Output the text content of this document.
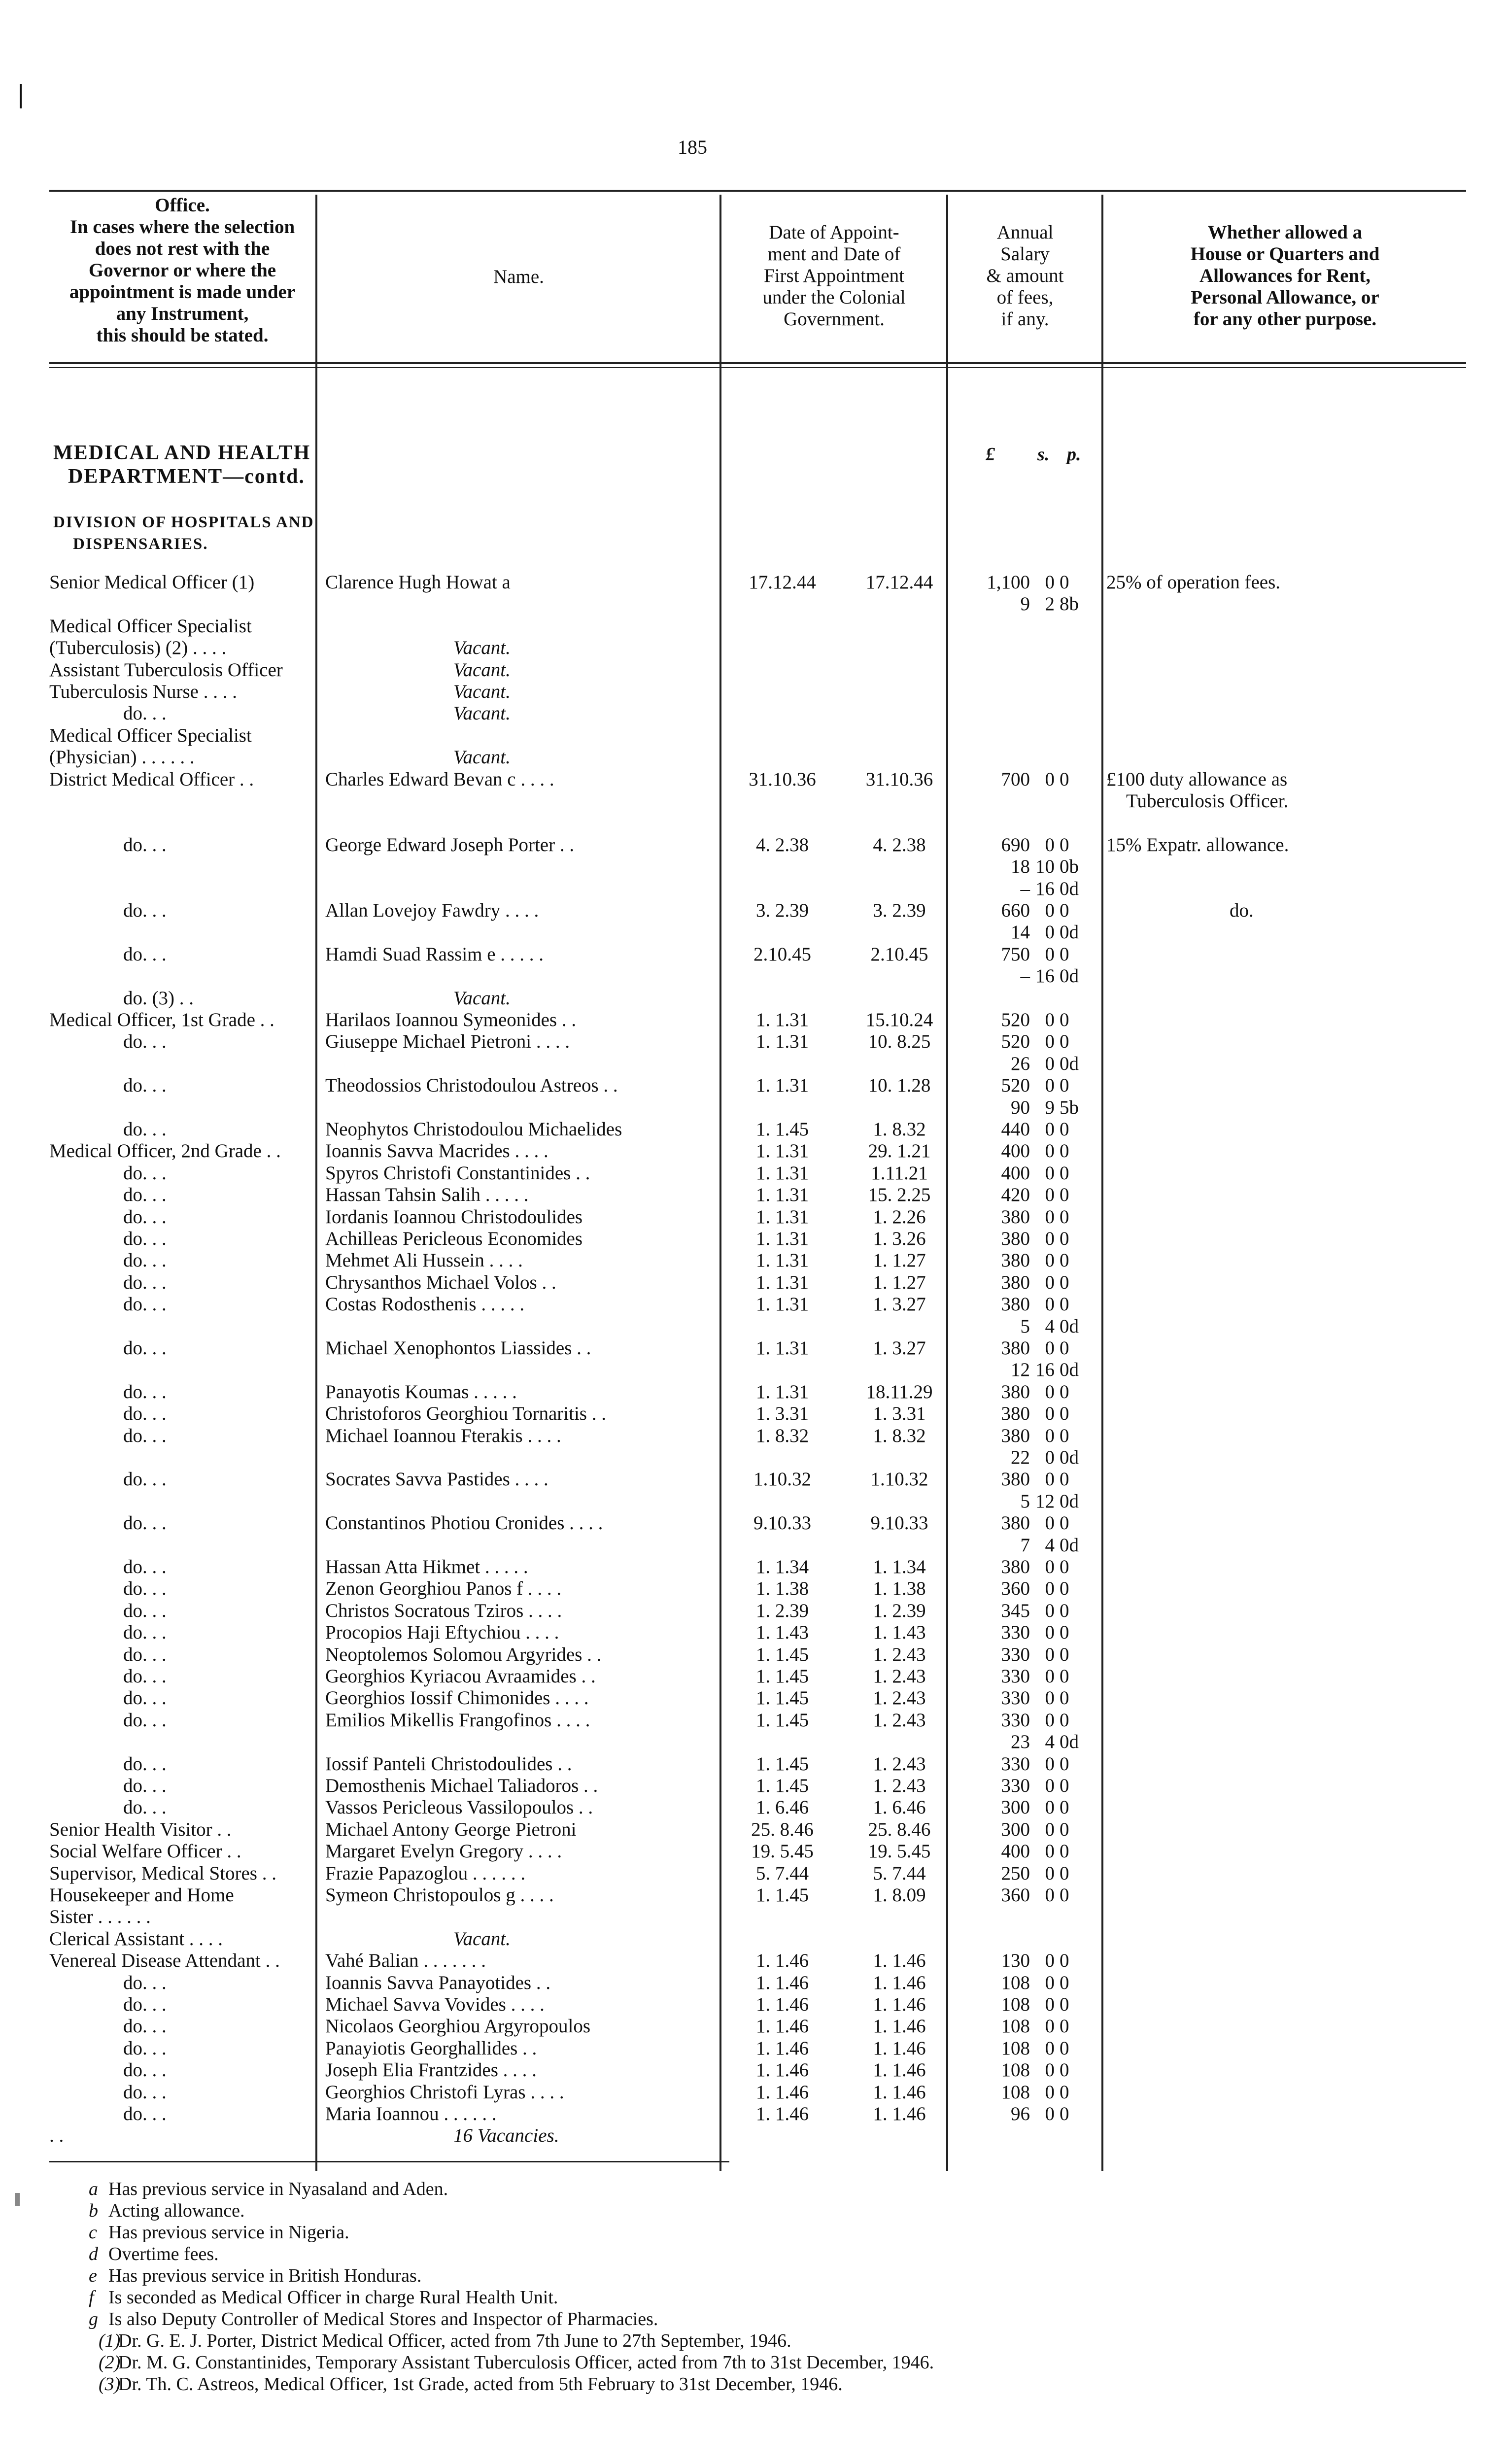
185
Office.
In cases where the selection
does not rest with the
Governor or where the
appointment is made under
any Instrument,
this should be stated.
Name.
Date of Appoint-
ment and Date of
First Appointment
under the Colonial
Government.
Annual
Salary
& amount
of fees,
if any.
Whether allowed a
House or Quarters and
Allowances for Rent,
Personal Allowance, or
for any other purpose.
£ s. p.
MEDICAL AND HEALTH
DEPARTMENT—contd.
DIVISION OF HOSPITALS AND
DISPENSARIES.
Senior Medical Officer (1)	Clarence Hugh Howat a	17.12.44	17.12.44	1,100 0 0	25% of operation fees.
9 2 8b
Medical Officer Specialist
(Tuberculosis) (2) . . . .	Vacant.
Assistant Tuberculosis Officer	Vacant.
Tuberculosis Nurse . . . .	Vacant.
do. . .	Vacant.
Medical Officer Specialist
(Physician) . . . . . .	Vacant.
District Medical Officer . .	Charles Edward Bevan c . . . .	31.10.36	31.10.36	700 0 0	£100 duty allowance as
Tuberculosis Officer.
do. . .	George Edward Joseph Porter . .	4. 2.38	4. 2.38	690 0 0	15% Expatr. allowance.
18 10 0b
– 16 0d
do. . .	Allan Lovejoy Fawdry . . . .	3. 2.39	3. 2.39	660 0 0	do.
14 0 0d
do. . .	Hamdi Suad Rassim e . . . . .	2.10.45	2.10.45	750 0 0
– 16 0d
do. (3) . .	Vacant.
Medical Officer, 1st Grade . .	Harilaos Ioannou Symeonides . .	1. 1.31	15.10.24	520 0 0
do. . .	Giuseppe Michael Pietroni . . . .	1. 1.31	10. 8.25	520 0 0
26 0 0d
do. . .	Theodossios Christodoulou Astreos . .	1. 1.31	10. 1.28	520 0 0
90 9 5b
do. . .	Neophytos Christodoulou Michaelides	1. 1.45	1. 8.32	440 0 0
Medical Officer, 2nd Grade . .	Ioannis Savva Macrides . . . .	1. 1.31	29. 1.21	400 0 0
do. . .	Spyros Christofi Constantinides . .	1. 1.31	1.11.21	400 0 0
do. . .	Hassan Tahsin Salih . . . . .	1. 1.31	15. 2.25	420 0 0
do. . .	Iordanis Ioannou Christodoulides	1. 1.31	1. 2.26	380 0 0
do. . .	Achilleas Pericleous Economides	1. 1.31	1. 3.26	380 0 0
do. . .	Mehmet Ali Hussein . . . .	1. 1.31	1. 1.27	380 0 0
do. . .	Chrysanthos Michael Volos . .	1. 1.31	1. 1.27	380 0 0
do. . .	Costas Rodosthenis . . . . .	1. 1.31	1. 3.27	380 0 0
5 4 0d
do. . .	Michael Xenophontos Liassides . .	1. 1.31	1. 3.27	380 0 0
12 16 0d
do. . .	Panayotis Koumas . . . . .	1. 1.31	18.11.29	380 0 0
do. . .	Christoforos Georghiou Tornaritis . .	1. 3.31	1. 3.31	380 0 0
do. . .	Michael Ioannou Fterakis . . . .	1. 8.32	1. 8.32	380 0 0
22 0 0d
do. . .	Socrates Savva Pastides . . . .	1.10.32	1.10.32	380 0 0
5 12 0d
do. . .	Constantinos Photiou Cronides . . . .	9.10.33	9.10.33	380 0 0
7 4 0d
do. . .	Hassan Atta Hikmet . . . . .	1. 1.34	1. 1.34	380 0 0
do. . .	Zenon Georghiou Panos f . . . .	1. 1.38	1. 1.38	360 0 0
do. . .	Christos Socratous Tziros . . . .	1. 2.39	1. 2.39	345 0 0
do. . .	Procopios Haji Eftychiou . . . .	1. 1.43	1. 1.43	330 0 0
do. . .	Neoptolemos Solomou Argyrides . .	1. 1.45	1. 2.43	330 0 0
do. . .	Georghios Kyriacou Avraamides . .	1. 1.45	1. 2.43	330 0 0
do. . .	Georghios Iossif Chimonides . . . .	1. 1.45	1. 2.43	330 0 0
do. . .	Emilios Mikellis Frangofinos . . . .	1. 1.45	1. 2.43	330 0 0
23 4 0d
do. . .	Iossif Panteli Christodoulides . .	1. 1.45	1. 2.43	330 0 0
do. . .	Demosthenis Michael Taliadoros . .	1. 1.45	1. 2.43	330 0 0
do. . .	Vassos Pericleous Vassilopoulos . .	1. 6.46	1. 6.46	300 0 0
Senior Health Visitor . .	Michael Antony George Pietroni	25. 8.46	25. 8.46	300 0 0
Social Welfare Officer . .	Margaret Evelyn Gregory . . . .	19. 5.45	19. 5.45	400 0 0
Supervisor, Medical Stores . .	Frazie Papazoglou . . . . . .	5. 7.44	5. 7.44	250 0 0
Housekeeper and Home	Symeon Christopoulos g . . . .	1. 1.45	1. 8.09	360 0 0
Sister . . . . . .
Clerical Assistant . . . .	Vacant.
Venereal Disease Attendant . .	Vahé Balian . . . . . . .	1. 1.46	1. 1.46	130 0 0
do. . .	Ioannis Savva Panayotides . .	1. 1.46	1. 1.46	108 0 0
do. . .	Michael Savva Vovides . . . .	1. 1.46	1. 1.46	108 0 0
do. . .	Nicolaos Georghiou Argyropoulos	1. 1.46	1. 1.46	108 0 0
do. . .	Panayiotis Georghallides . .	1. 1.46	1. 1.46	108 0 0
do. . .	Joseph Elia Frantzides . . . .	1. 1.46	1. 1.46	108 0 0
do. . .	Georghios Christofi Lyras . . . .	1. 1.46	1. 1.46	108 0 0
do. . .	Maria Ioannou . . . . . .	1. 1.46	1. 1.46	96 0 0
. .	16 Vacancies.
a Has previous service in Nyasaland and Aden.
b Acting allowance.
c Has previous service in Nigeria.
d Overtime fees.
e Has previous service in British Honduras.
f Is seconded as Medical Officer in charge Rural Health Unit.
g Is also Deputy Controller of Medical Stores and Inspector of Pharmacies.
(1)Dr. G. E. J. Porter, District Medical Officer, acted from 7th June to 27th September, 1946.
(2)Dr. M. G. Constantinides, Temporary Assistant Tuberculosis Officer, acted from 7th to 31st December, 1946.
(3)Dr. Th. C. Astreos, Medical Officer, 1st Grade, acted from 5th February to 31st December, 1946.
